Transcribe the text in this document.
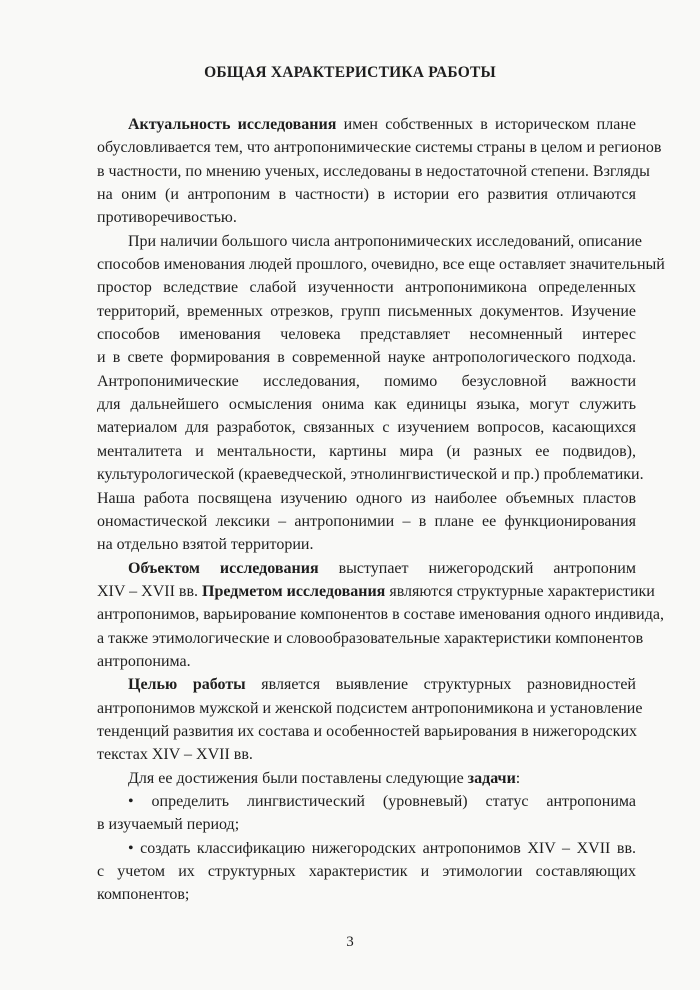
ОБЩАЯ ХАРАКТЕРИСТИКА РАБОТЫ
Актуальность исследования имен собственных в историческом плане
обусловливается тем, что антропонимические системы страны в целом и регионов
в частности, по мнению ученых, исследованы в недостаточной степени. Взгляды
на оним (и антропоним в частности) в истории его развития отличаются
противоречивостью.
При наличии большого числа антропонимических исследований, описание
способов именования людей прошлого, очевидно, все еще оставляет значительный
простор вследствие слабой изученности антропонимикона определенных
территорий, временных отрезков, групп письменных документов. Изучение
способов именования человека представляет несомненный интерес
и в свете формирования в современной науке антропологического подхода.
Антропонимические исследования, помимо безусловной важности
для дальнейшего осмысления онима как единицы языка, могут служить
материалом для разработок, связанных с изучением вопросов, касающихся
менталитета и ментальности, картины мира (и разных ее подвидов),
культурологической (краеведческой, этнолингвистической и пр.) проблематики.
Наша работа посвящена изучению одного из наиболее объемных пластов
ономастической лексики – антропонимии – в плане ее функционирования
на отдельно взятой территории.
Объектом исследования выступает нижегородский антропоним
XIV – XVII вв. Предметом исследования являются структурные характеристики
антропонимов, варьирование компонентов в составе именования одного индивида,
а также этимологические и словообразовательные характеристики компонентов
антропонима.
Целью работы является выявление структурных разновидностей
антропонимов мужской и женской подсистем антропонимикона и установление
тенденций развития их состава и особенностей варьирования в нижегородских
текстах XIV – XVII вв.
Для ее достижения были поставлены следующие задачи:
• определить лингвистический (уровневый) статус антропонима
в изучаемый период;
• создать классификацию нижегородских антропонимов XIV – XVII вв.
с учетом их структурных характеристик и этимологии составляющих
компонентов;
3
